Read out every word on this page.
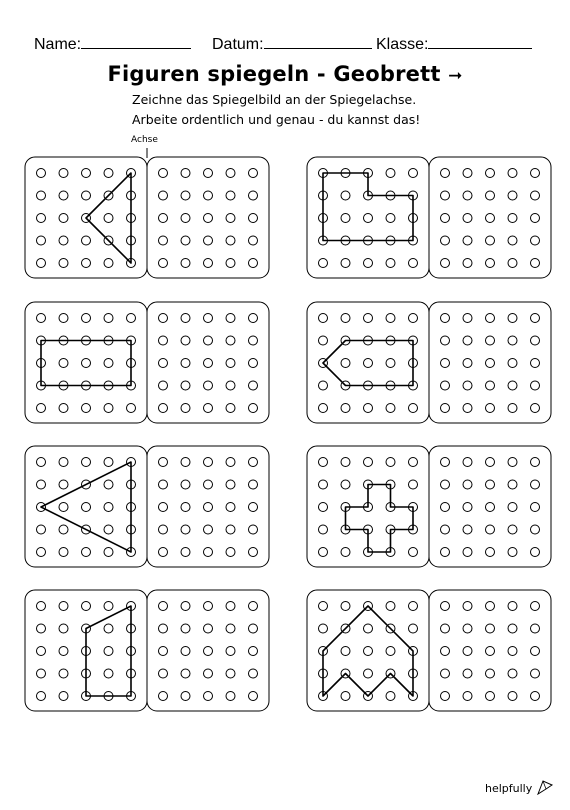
Name:	Datum:	Klasse:
Figuren spiegeln - Geobrett ➞
Zeichne das Spiegelbild an der Spiegelachse.
Arbeite ordentlich und genau - du kannst das!
Achse
helpfully
